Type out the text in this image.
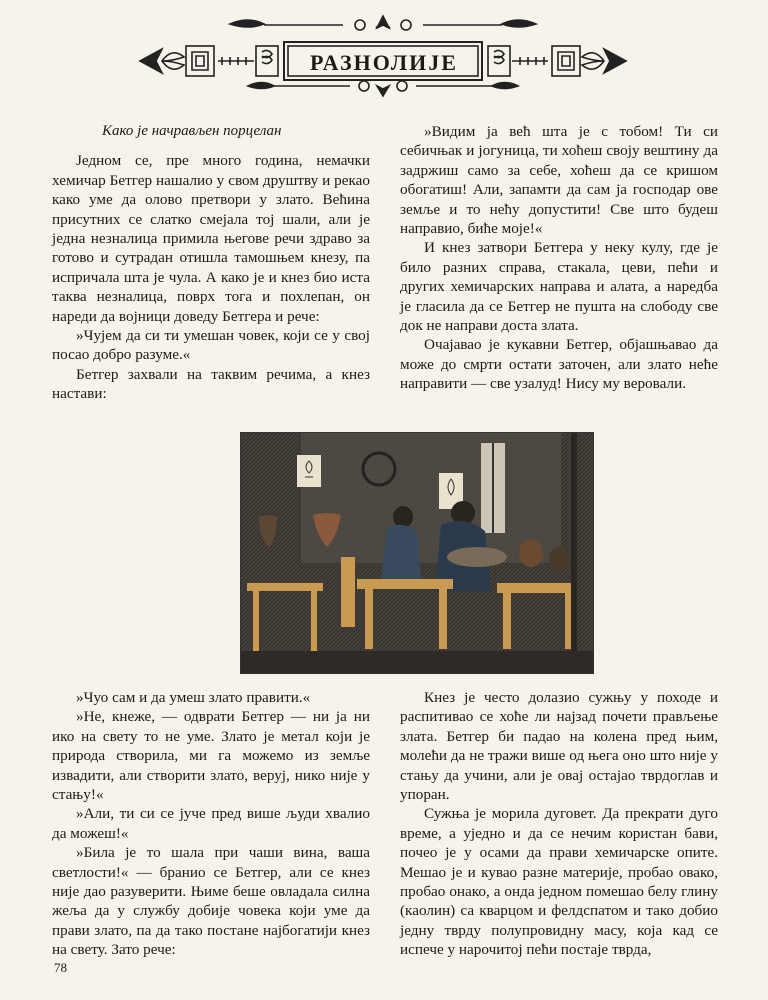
РАЗНОЛИЈЕ

Како је начрављен порцелан

Једном се, пре много година, немачки хемичар Бетгер нашалио у свом друштву и рекао како уме да олово претвори у злато. Већина присутних се слатко смејала тој шали, али је једна незналица примила његове речи здраво за готово и сутрадан отишла тамошњем кнезу, па испричала шта је чула. А како је и кнез био иста таква незналица, поврх тога и похлепан, он нареди да војници доведу Бетгера и рече:

»Чујем да си ти умешан човек, који се у свој посао добро разуме.«

Бетгер захвали на таквим речима, а кнез настави:

»Видим ја већ шта је с тобом! Ти си себичњак и јогуница, ти хоћеш своју вештину да задржиш само за себе, хоћеш да се кришом обогатиш! Али, запамти да сам ја господар ове земље и то нећу допустити! Све што будеш направио, биће моје!«

И кнез затвори Бетгера у неку кулу, где је било разних справа, стакала, цеви, пећи и других хемичарских направа и алата, а наредба је гласила да се Бетгер не пушта на слободу све док не направи доста злата.

Очајавао је кукавни Бетгер, објашњавао да може до смрти остати заточен, али злато неће направити — све узалуд! Нису му веровали.

»Чуо сам и да умеш злато правити.«

»Не, кнеже, — одврати Бетгер — ни ја ни ико на свету то не уме. Злато је метал који је природа створила, ми га можемо из земље извадити, али створити злато, веруј, нико није у стању!«

»Али, ти си се јуче пред више људи хвалио да можеш!«

»Била је то шала при чаши вина, ваша светлости!« — бранио се Бетгер, али се кнез није дао разуверити. Њиме беше овладала силна жеља да у службу добије човека који уме да прави злато, па да тако постане најбогатији кнез на свету. Зато рече:

Кнез је често долазио сужњу у походе и распитивао се хоће ли најзад почети прављење злата. Бетгер би падао на колена пред њим, молећи да не тражи више од њега оно што није у стању да учини, али је овај остајао тврдоглав и упоран.

Сужња је морила дуговет. Да прекрати дуго време, а уједно и да се нечим користан бави, почео је у осами да прави хемичарске опите. Мешао је и кувао разне материје, пробао овако, пробао онако, а онда једном помешао белу глину (каолин) са кварцом и фелдспатом и тако добио једну тврду полупровидну масу, која кад се испече у нарочитој пећи постаје тврда,

78
